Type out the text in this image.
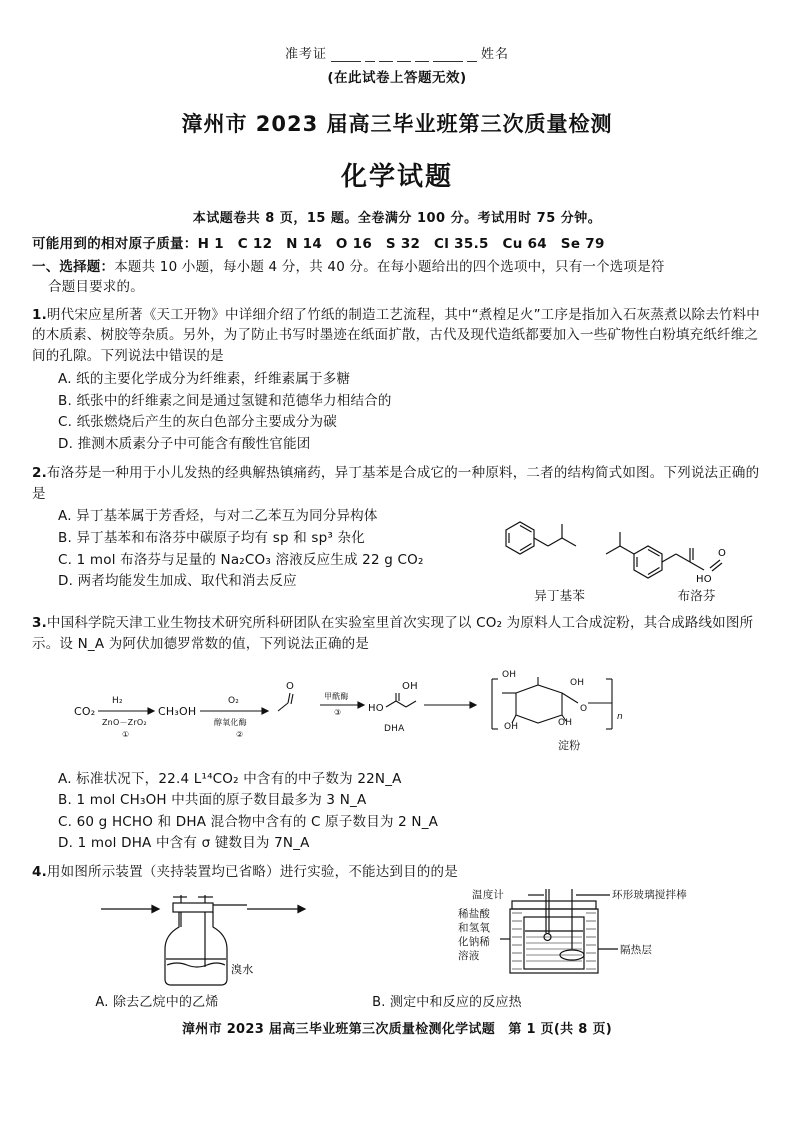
准考证

	姓名
(在此试卷上答题无效)
漳州市 2023 届高三毕业班第三次质量检测
化学试题
本试题卷共 8 页，15 题。全卷满分 100 分。考试用时 75 分钟。
可能用到的相对原子质量：H 1　C 12　N 14　O 16　S 32　Cl 35.5　Cu 64　Se 79
一、选择题：本题共 10 小题，每小题 4 分，共 40 分。在每小题给出的四个选项中，只有一个选项是符
合题目要求的。
1.明代宋应星所著《天工开物》中详细介绍了竹纸的制造工艺流程，其中“煮楻足火”工序是指加入石灰蒸煮以除去竹料中的木质素、树胶等杂质。另外，为了防止书写时墨迹在纸面扩散，古代及现代造纸都要加入一些矿物性白粉填充纸纤维之间的孔隙。下列说法中错误的是
A. 纸的主要化学成分为纤维素，纤维素属于多糖
B. 纸张中的纤维素之间是通过氢键和范德华力相结合的
C. 纸张燃烧后产生的灰白色部分主要成分为碳
D. 推测木质素分子中可能含有酸性官能团
2.布洛芬是一种用于小儿发热的经典解热镇痛药，异丁基苯是合成它的一种原料，二者的结构简式如图。下列说法正确的是
A. 异丁基苯属于芳香烃，与对二乙苯互为同分异构体
B. 异丁基苯和布洛芬中碳原子均有 sp 和 sp³ 杂化
C. 1 mol 布洛芬与足量的 Na₂CO₃ 溶液反应生成 22 g CO₂
D. 两者均能发生加成、取代和消去反应	HO
O
异丁基苯	布洛芬
3.中国科学院天津工业生物技术研究所科研团队在实验室里首次实现了以 CO₂ 为原料人工合成淀粉，其合成路线如图所示。设 N_A 为阿伏加德罗常数的值，下列说法正确的是
CO₂
H₂
ZnO－ZrO₂
①
CH₃OH
O₂
醇氧化酶
②
O
甲酰酶
③	HO
OH
DHA
OH
OH
O
OH
OH
n
淀粉
A. 标准状况下，22.4 L¹⁴CO₂ 中含有的中子数为 22N_A
B. 1 mol CH₃OH 中共面的原子数目最多为 3 N_A
C. 60 g HCHO 和 DHA 混合物中含有的 C 原子数目为 2 N_A
D. 1 mol DHA 中含有 σ 键数目为 7N_A
4.用如图所示装置（夹持装置均已省略）进行实验，不能达到目的的是
溴水
温度计	环形玻璃搅拌棒
稀盐酸
和氢氧
化钠稀
溶液	隔热层
A. 除去乙烷中的乙烯	B. 测定中和反应的反应热
漳州市 2023 届高三毕业班第三次质量检测化学试题　第 1 页(共 8 页)
